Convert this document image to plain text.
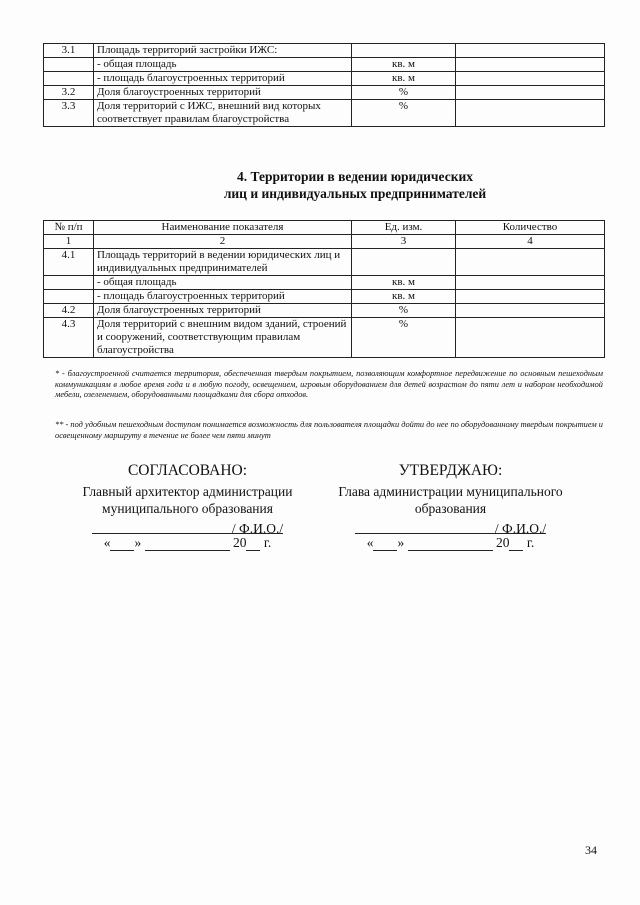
3.1	Площадь территорий застройки ИЖС:		
	- общая площадь	кв. м	
	- площадь благоустроенных территорий	кв. м	
3.2	Доля благоустроенных территорий	%	
3.3	Доля территорий с ИЖС, внешний вид которых соответствует правилам благоустройства	%	
4. Территории в ведении юридических
лиц и индивидуальных предпринимателей
№ п/п	Наименование показателя	Ед. изм.	Количество
1	2	3	4
4.1	Площадь территорий в ведении юридических лиц и индивидуальных предпринимателей		
	- общая площадь	кв. м	
	- площадь благоустроенных территорий	кв. м	
4.2	Доля благоустроенных территорий	%	
4.3	Доля территорий с внешним видом зданий, строений и сооружений, соответствующим правилам благоустройства	%	
* - благоустроенной считается территория, обеспеченная твердым покрытием, позволяющим комфортное передвижение по основным пешеходным коммуникациям в любое время года и в любую погоду, освещением, игровым оборудованием для детей возрастом до пяти лет и набором необходимой мебели, озеленением, оборудованными площадками для сбора отходов.
** - под удобным пешеходным доступом понимается возможность для пользователя площадки дойти до нее по оборудованному твердым покрытием и освещенному маршруту в течение не более чем пяти минут
СОГЛАСОВАНО:
Главный архитектор администрации
муниципального образования
/ Ф.И.О./
« »	20 г.
УТВЕРДЖАЮ:
Глава администрации муниципального
образования
/ Ф.И.О./
« »	20 г.
34
